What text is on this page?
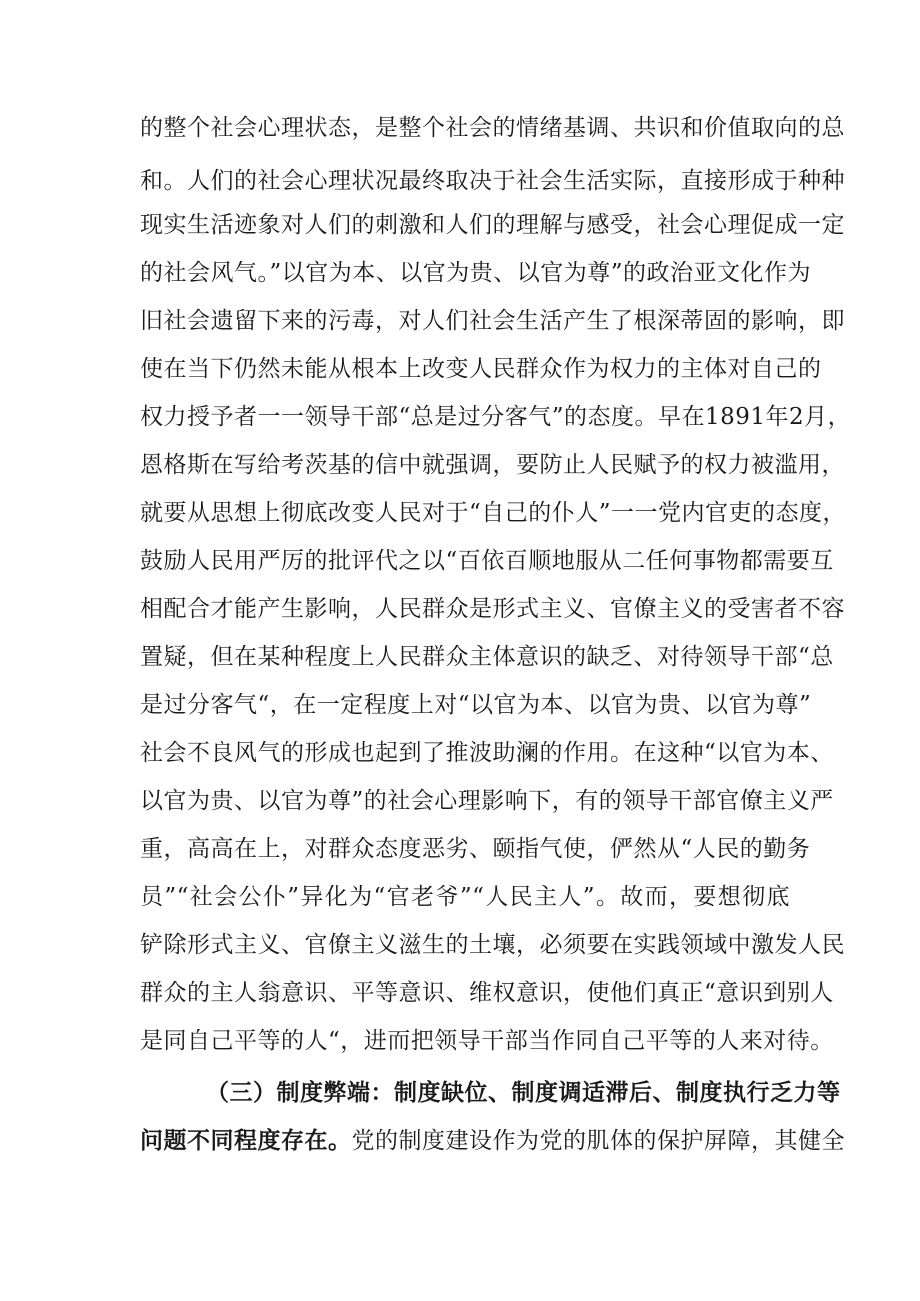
的整个社会心理状态，是整个社会的情绪基调、共识和价值取向的总
和。人们的社会心理状况最终取决于社会生活实际，直接形成于种种
现实生活迹象对人们的刺激和人们的理解与感受，社会心理促成一定
的社会风气。”以官为本、以官为贵、以官为尊”的政治亚文化作为
旧社会遗留下来的污毒，对人们社会生活产生了根深蒂固的影响，即
使在当下仍然未能从根本上改变人民群众作为权力的主体对自己的
权力授予者一一领导干部“总是过分客气”的态度。早在1891年2月，
恩格斯在写给考茨基的信中就强调，要防止人民赋予的权力被滥用，
就要从思想上彻底改变人民对于“自己的仆人”一一党内官吏的态度，
鼓励人民用严厉的批评代之以“百依百顺地服从二任何事物都需要互
相配合才能产生影响，人民群众是形式主义、官僚主义的受害者不容
置疑，但在某种程度上人民群众主体意识的缺乏、对待领导干部“总
是过分客气“，在一定程度上对“以官为本、以官为贵、以官为尊”
社会不良风气的形成也起到了推波助澜的作用。在这种“以官为本、
以官为贵、以官为尊”的社会心理影响下，有的领导干部官僚主义严
重，高高在上，对群众态度恶劣、颐指气使，俨然从“人民的勤务
员”“社会公仆”异化为“官老爷”“人民主人”。故而，要想彻底
铲除形式主义、官僚主义滋生的土壤，必须要在实践领域中激发人民
群众的主人翁意识、平等意识、维权意识，使他们真正“意识到别人
是同自己平等的人“，进而把领导干部当作同自己平等的人来对待。
（三）制度弊端：制度缺位、制度调适滞后、制度执行乏力等
问题不同程度存在。党的制度建设作为党的肌体的保护屏障，其健全
